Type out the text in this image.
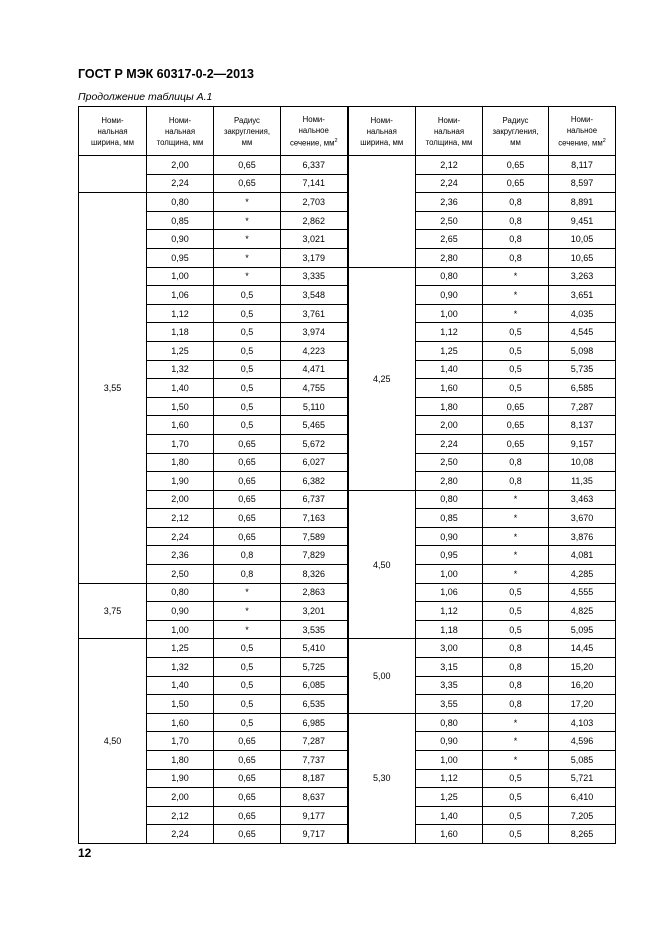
ГОСТ Р МЭК 60317-0-2—2013
Продолжение таблицы А.1
Номи-
нальная
ширина, мм	Номи-
нальная
толщина, мм	Радиус
закругления,
мм	Номи-
нальное
сечение, $мм^2$	Номи-
нальная
ширина, мм	Номи-
нальная
толщина, мм	Радиус
закругления,
мм	Номи-
нальное
сечение, $мм^2$
	2,00	0,65	6,337		2,12	0,65	8,117
	2,24	0,65	7,141		2,24	0,65	8,597
3,55	0,80	*	2,703		2,36	0,8	8,891
	0,85	*	2,862		2,50	0,8	9,451
	0,90	*	3,021		2,65	0,8	10,05
	0,95	*	3,179		2,80	0,8	10,65
	1,00	*	3,335	4,25	0,80	*	3,263
	1,06	0,5	3,548		0,90	*	3,651
	1,12	0,5	3,761		1,00	*	4,035
	1,18	0,5	3,974		1,12	0,5	4,545
	1,25	0,5	4,223		1,25	0,5	5,098
	1,32	0,5	4,471		1,40	0,5	5,735
	1,40	0,5	4,755		1,60	0,5	6,585
	1,50	0,5	5,110		1,80	0,65	7,287
	1,60	0,5	5,465		2,00	0,65	8,137
	1,70	0,65	5,672		2,24	0,65	9,157
	1,80	0,65	6,027		2,50	0,8	10,08
	1,90	0,65	6,382		2,80	0,8	11,35
	2,00	0,65	6,737	4,50	0,80	*	3,463
	2,12	0,65	7,163		0,85	*	3,670
	2,24	0,65	7,589		0,90	*	3,876
	2,36	0,8	7,829		0,95	*	4,081
	2,50	0,8	8,326		1,00	*	4,285
3,75	0,80	*	2,863		1,06	0,5	4,555
	0,90	*	3,201		1,12	0,5	4,825
	1,00	*	3,535		1,18	0,5	5,095
4,50	1,25	0,5	5,410	5,00	3,00	0,8	14,45
	1,32	0,5	5,725		3,15	0,8	15,20
	1,40	0,5	6,085		3,35	0,8	16,20
	1,50	0,5	6,535		3,55	0,8	17,20
	1,60	0,5	6,985	5,30	0,80	*	4,103
	1,70	0,65	7,287		0,90	*	4,596
	1,80	0,65	7,737		1,00	*	5,085
	1,90	0,65	8,187		1,12	0,5	5,721
	2,00	0,65	8,637		1,25	0,5	6,410
	2,12	0,65	9,177		1,40	0,5	7,205
	2,24	0,65	9,717		1,60	0,5	8,265
12
